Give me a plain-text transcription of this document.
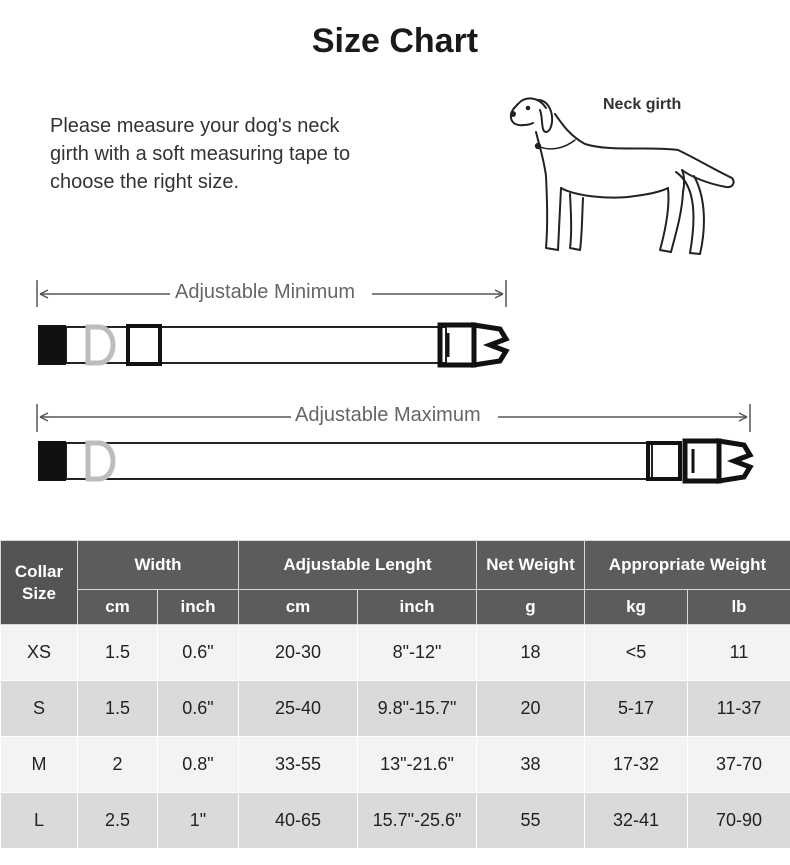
Size Chart
Please measure your dog's neck
girth with a soft measuring tape to
choose the right size.
Neck girth
Adjustable Minimum
Adjustable Maximum
Collar
Size	Width		Adjustable Lenght		Net Weight	Appropriate Weight	
	cm	inch	cm	inch	g	kg	lb
XS	1.5	0.6"	20-30	8"-12"	18	<5	11
S	1.5	0.6"	25-40	9.8"-15.7"	20	5-17	11-37
M	2	0.8"	33-55	13"-21.6"	38	17-32	37-70
L	2.5	1"	40-65	15.7"-25.6"	55	32-41	70-90
